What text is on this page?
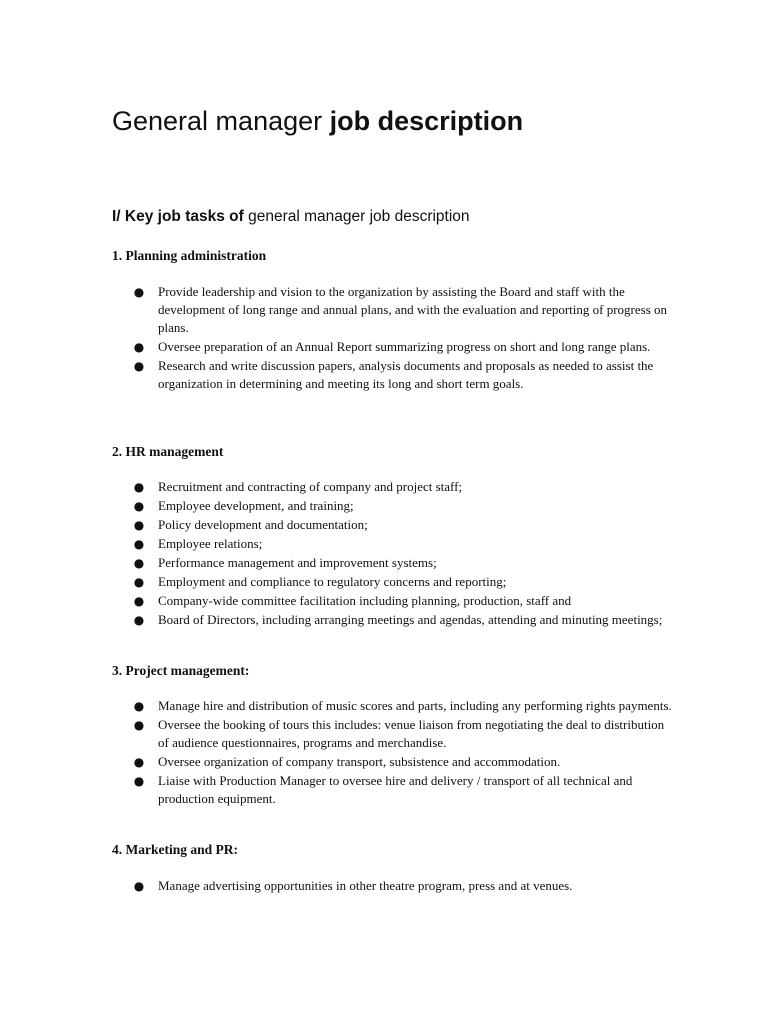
General manager job description
I/ Key job tasks of general manager job description
1. Planning administration
● Provide leadership and vision to the organization by assisting the Board and staff with the development of long range and annual plans, and with the evaluation and reporting of progress on plans.
● Oversee preparation of an Annual Report summarizing progress on short and long range plans.
● Research and write discussion papers, analysis documents and proposals as needed to assist the organization in determining and meeting its long and short term goals.
2. HR management
● Recruitment and contracting of company and project staff;
● Employee development, and training;
● Policy development and documentation;
● Employee relations;
● Performance management and improvement systems;
● Employment and compliance to regulatory concerns and reporting;
● Company-wide committee facilitation including planning, production, staff and
● Board of Directors, including arranging meetings and agendas, attending and minuting meetings;
3. Project management:
● Manage hire and distribution of music scores and parts, including any performing rights payments.
● Oversee the booking of tours this includes: venue liaison from negotiating the deal to distribution of audience questionnaires, programs and merchandise.
● Oversee organization of company transport, subsistence and accommodation.
● Liaise with Production Manager to oversee hire and delivery / transport of all technical and production equipment.
4. Marketing and PR:
● Manage advertising opportunities in other theatre program, press and at venues.
